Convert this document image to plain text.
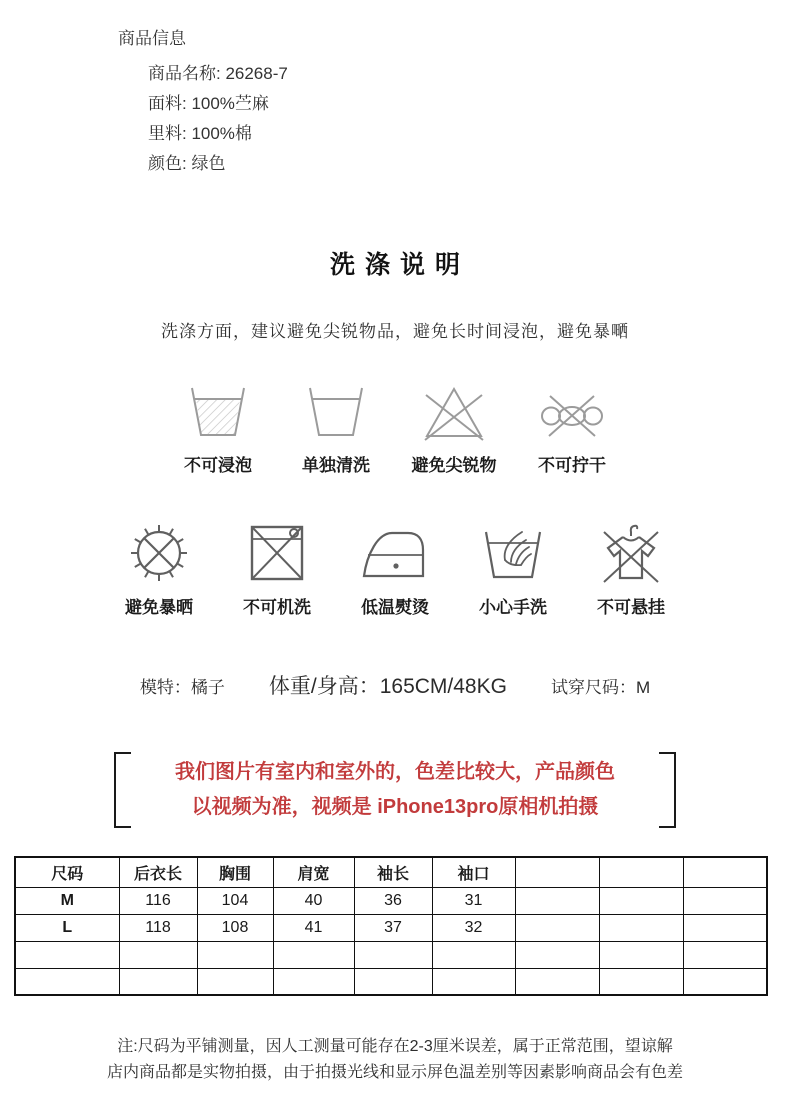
商品信息
商品名称: 26268-7
面料: 100%苎麻
里料: 100%棉
颜色: 绿色
洗涤说明

洗涤方面，建议避免尖锐物品，避免长时间浸泡，避免暴嗮

不可浸泡	单独清洗 避免尖锐物 不可拧干
避免暴晒	不可机洗	低温熨烫	小心手洗	不可悬挂
模特：橘子 体重/身高：165CM/48KG	试穿尺码：M
我们图片有室内和室外的，色差比较大，产品颜色
以视频为准，视频是 iPhone13pro原相机拍摄
尺码	后衣长	胸围	肩宽	袖长	袖口			
M	116	104	40	36	31			
L	118	108	41	37	32			

注:尺码为平铺测量，因人工测量可能存在2-3厘米误差，属于正常范围，望谅解
店内商品都是实物拍摄，由于拍摄光线和显示屏色温差别等因素影响商品会有色差
